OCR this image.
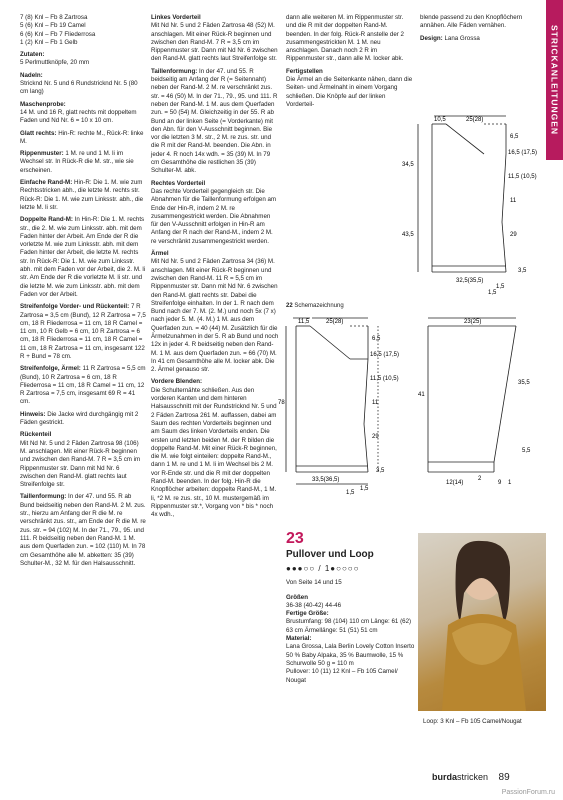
STRICKANLEITUNGEN

7 (8) Knl – Fb 8 Zartrosa
5 (6) Knl – Fb 19 Camel
6 (6) Knl – Fb 7 Fliederrosa
1 (2) Knl – Fb 1 Gelb

Zutaten:
5 Perlmuttknöpfe, 20 mm

Nadeln:
Stricknd Nr. 5 und 6 Rundstricknd Nr. 5 (80 cm lang)

Maschenprobe:
14 M. und 16 R, glatt rechts mit doppeltem Faden und Nd Nr. 6 = 10 x 10 cm.

Glatt rechts: Hin-R: rechte M., Rück-R: linke M.

Rippenmuster: 1 M. re und 1 M. li im Wechsel str. In Rück-R die M. str., wie sie erscheinen.

Einfache Rand-M: Hin-R: Die 1. M. wie zum Rechtsstricken abh., die letzte M. rechts str. Rück-R: Die 1. M. wie zum Linksstr. abh., die letzte M. li str.

Doppelte Rand-M: In Hin-R: Die 1. M. rechts str., die 2. M. wie zum Linksstr. abh. mit dem Faden hinter der Arbeit. Am Ende der R die vorletzte M. wie zum Linksstr. abh. mit dem Faden hinter der Arbeit, die letzte M. rechts str. In Rück-R: Die 1. M. wie zum Linksstr. abh. mit dem Faden vor der Arbeit, die 2. M. li str. Am Ende der R die vorletzte M. li str. und die letzte M. wie zum Linksstr. abh. mit dem Faden vor der Arbeit.

Streifenfolge Vorder- und Rückenteil: 7 R Zartrosa = 3,5 cm (Bund), 12 R Zartrosa = 7,5 cm, 18 R Fliederrosa = 11 cm, 18 R Camel = 11 cm, 10 R Gelb = 6 cm, 10 R Zartrosa = 6 cm, 18 R Fliederrosa = 11 cm, 18 R Camel = 11 cm, 18 R Zartrosa = 11 cm, insgesamt 122 R + Bund = 78 cm.

Streifenfolge, Ärmel: 11 R Zartrosa = 5,5 cm (Bund), 10 R Zartrosa = 6 cm, 18 R Fliederrosa = 11 cm, 18 R Camel = 11 cm, 12 R Zartrosa = 7,5 cm, insgesamt 69 R = 41 cm.

Hinweis: Die Jacke wird durchgängig mit 2 Fäden gestrickt.

Rückenteil
Mit Nd Nr. 5 und 2 Fäden Zartrosa 98 (106) M. anschlagen. Mit einer Rück-R beginnen und zwischen den Rand-M. 7 R = 3,5 cm im Rippenmuster str. Dann mit Nd Nr. 6 zwischen den Rand-M. glatt rechts laut Streifenfolge str.

Taillenformung: In der 47. und 55. R ab Bund beidseitig neben den Rand-M. 2 M. zus. str., hierzu am Anfang der R die M. re verschränkt zus. str., am Ende der R die M. re zus. str. = 94 (102) M. In der 71., 79., 95. und 111. R beidseitig neben den Rand-M. 1 M. aus dem Querfaden zun. = 102 (110) M. In 78 cm Gesamthöhe alle M. abketten: 35 (39) Schulter-M., 32 M. für den Halsausschnitt.

Linkes Vorderteil
Mit Nd Nr. 5 und 2 Fäden Zartrosa 48 (52) M. anschlagen. Mit einer Rück-R beginnen und zwischen den Rand-M. 7 R = 3,5 cm im Rippenmuster str. Dann mit Nd Nr. 6 zwischen den Rand-M. glatt rechts laut Streifenfolge str.

Taillenformung: In der 47. und 55. R beidseitig am Anfang der R (= Seitennaht) neben der Rand-M. 2 M. re verschränkt zus. str. = 46 (50) M. In der 71., 79., 95. und 111. R neben der Rand-M. 1 M. aus dem Querfaden zun. = 50 (54) M. Gleichzeitig in der 55. R ab Bund an der linken Seite (= Vorderkante) mit den Abn. für den V-Ausschnitt beginnen. Bie vor die letzten 3 M. str., 2 M. re zus. str. und die R mit der Rand-M. beenden. Die Abn. in jeder 4. R noch 14x wdh. = 35 (39) M. In 79 cm Gesamthöhe die restlichen 35 (39) Schulter-M. abk.

Rechtes Vorderteil
Das rechte Vorderteil gegengleich str. Die Abnahmen für die Taillenformung erfolgen am Ende der Hin-R, indem 2 M. re zusammengestrickt werden. Die Abnahmen für den V-Ausschnitt erfolgen in Hin-R am Anfang der R nach der Rand-M., indem 2 M. re verschränkt zusammengestrickt werden.

Ärmel
Mit Nd Nr. 5 und 2 Fäden Zartrosa 34 (36) M. anschlagen. Mit einer Rück-R beginnen und zwischen den Rand-M. 11 R = 5,5 cm im Rippenmuster str. Dann mit Nd Nr. 6 zwischen den Rand-M. glatt rechts str. Dabei die Streifenfolge einhalten. In der 1. R nach dem Bund nach der 7. M. (2. M.) und noch 5x (7 x) nach jeder 5. M. (4. M.) 1 M. aus dem Querfaden zun. = 40 (44) M. Zusätzlich für die Ärmelzunahmen in der 5. R ab Bund und noch 12x in jeder 4. R beidseitig neben den Rand-M. 1 M. aus dem Querfaden zun. = 66 (70) M. In 41 cm Gesamthöhe alle M. locker abk. Die 2. Ärmel genauso str.

Vordere Blenden:
Die Schulternähte schließen. Aus den vorderen Kanten und dem hinteren Halsausschnitt mit der Rundstricknd Nr. 5 und 2 Fäden Zartrosa 261 M. auffassen, dabei am Saum des rechten Vorderteils beginnen und am Saum des linken Vorderteils enden. Die ersten und letzten beiden M. der R bilden die doppelte Rand-M. Mit einer Rück-R beginnen, die M. wie folgt einteilen: doppelte Rand-M., dann 1 M. re und 1 M. li im Wechsel bis 2 M. vor R-Ende str. und die R mit der doppelten Rand-M. beenden. In der folg. Hin-R die Knopflöcher arbeiten: doppelte Rand-M., 1 M. li, *2 M. re zus. str., 10 M. mustergemäß im Rippenmuster str.*, Vorgang von * bis * noch 4x wdh.,

dann alle weiteren M. im Rippenmuster str. und die R mit der doppelten Rand-M. beenden. In der folg. Rück-R anstelle der 2 zusammengestrickten M. 1 M. neu anschlagen. Danach noch 2 R im Rippenmuster str., dann alle M. locker abk.

Fertigstellen
Die Ärmel an die Seitenkante nähen, dann die Seiten- und Ärmelnaht in einem Vorgang schließen. Die Knöpfe auf der linken Vorderteil-

blende passend zu den Knopflöchern annähen. Alle Fäden vernähen.

Design: Lana Grossa

22 Schemazeichnung
11,5	25(28)
6,5
16,5 (17,5)
11,5 (10,5)
11
29
78
33,5(36,5)
1,5
1,5
3,5
10,5	25(28)
6,5
16,5 (17,5)
11,5 (10,5)
11
29
34,5
43,5
32,5(35,5)
1,5
1,5
3,5
23(25)
35,5
41
5,5
12(14)	9 1
2
23
Pullover und Loop
●●●○○ / 1●○○○○

Von Seite 14 und 15

Größen
36-38 (40-42) 44-46
Fertige Größe:
Brustumfang: 98 (104) 110 cm Länge: 61 (62) 63 cm Ärmellänge: 51 (51) 51 cm
Material:
Lana Grossa, Lala Berlin Lovely Cotton Inserto 50 % Baby Alpaka, 35 % Baumwolle, 15 % Schurwolle 50 g = 110 m
Pullover: 10 (11) 12 Knl – Fb 105 Camel/ Nougat
Loop: 3 Knl – Fb 105 Camel/Nougat
burdastricken 89
PassionForum.ru
